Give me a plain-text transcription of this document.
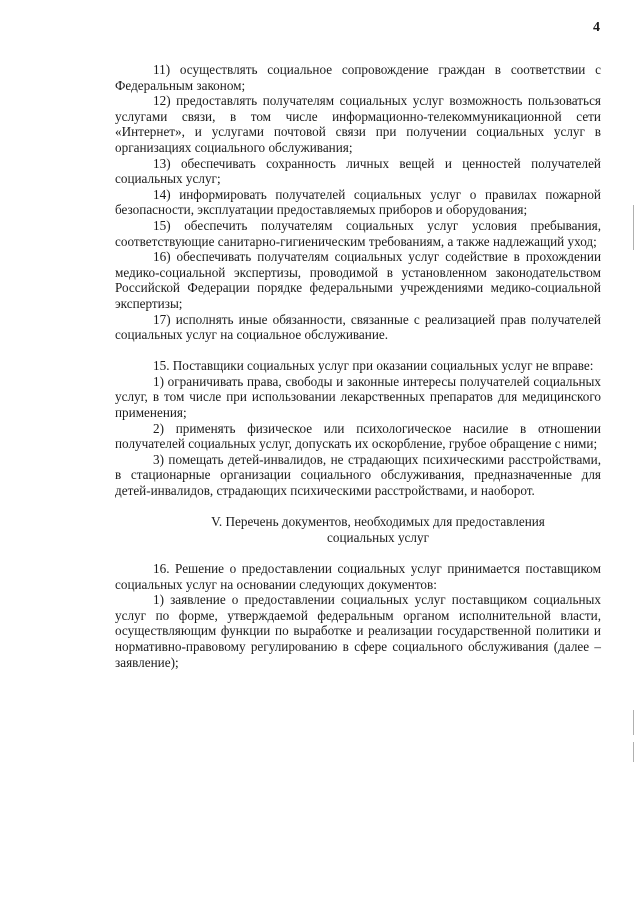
4

11) осуществлять социальное сопровождение граждан в соответствии с Федеральным законом;

12) предоставлять получателям социальных услуг возможность пользоваться услугами связи, в том числе информационно-телекоммуникационной сети «Интернет», и услугами почтовой связи при получении социальных услуг в организациях социального обслуживания;

13) обеспечивать сохранность личных вещей и ценностей получателей социальных услуг;

14) информировать получателей социальных услуг о правилах пожарной безопасности, эксплуатации предоставляемых приборов и оборудования;

15) обеспечить получателям социальных услуг условия пребывания, соответствующие санитарно-гигиеническим требованиям, а также надлежащий уход;

16) обеспечивать получателям социальных услуг содействие в прохождении медико-социальной экспертизы, проводимой в установленном законодательством Российской Федерации порядке федеральными учреждениями медико-социальной экспертизы;

17) исполнять иные обязанности, связанные с реализацией прав получателей социальных услуг на социальное обслуживание.

15. Поставщики социальных услуг при оказании социальных услуг не вправе:

1) ограничивать права, свободы и законные интересы получателей социальных услуг, в том числе при использовании лекарственных препаратов для медицинского применения;

2) применять физическое или психологическое насилие в отношении получателей социальных услуг, допускать их оскорбление, грубое обращение с ними;

3) помещать детей-инвалидов, не страдающих психическими расстройствами, в стационарные организации социального обслуживания, предназначенные для детей-инвалидов, страдающих психическими расстройствами, и наоборот.

V. Перечень документов, необходимых для предоставления социальных услуг

16. Решение о предоставлении социальных услуг принимается поставщиком социальных услуг на основании следующих документов:

1) заявление о предоставлении социальных услуг поставщиком социальных услуг по форме, утверждаемой федеральным органом исполнительной власти, осуществляющим функции по выработке и реализации государственной политики и нормативно-правовому регулированию в сфере социального обслуживания (далее – заявление);
